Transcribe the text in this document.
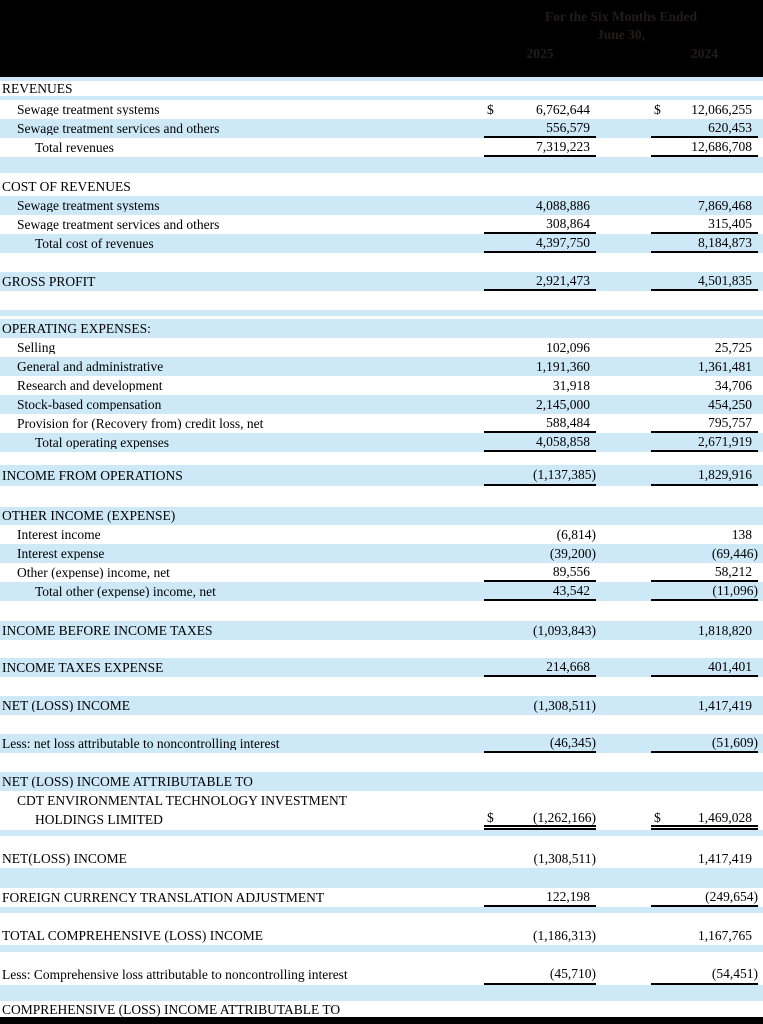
For the Six Months Ended
June 30,
2025	2024
REVENUES
Sewage treatment systems	$	6,762,644	$ 12,066,255
Sewage treatment services and others	556,579	620,453
Total revenues	7,319,223	12,686,708
COST OF REVENUES
Sewage treatment systems	4,088,886	7,869,468
Sewage treatment services and others	308,864	315,405
Total cost of revenues	4,397,750	8,184,873
GROSS PROFIT	2,921,473	4,501,835
OPERATING EXPENSES:
Selling	102,096	25,725
General and administrative	1,191,360	1,361,481
Research and development	31,918	34,706
Stock-based compensation	2,145,000	454,250
Provision for (Recovery from) credit loss, net	588,484	795,757
Total operating expenses	4,058,858	2,671,919
INCOME FROM OPERATIONS	(1,137,385)	1,829,916
OTHER INCOME (EXPENSE)
Interest income	(6,814)	138
Interest expense	(39,200)	(69,446)
Other (expense) income, net	89,556	58,212
Total other (expense) income, net	43,542	(11,096)
INCOME BEFORE INCOME TAXES	(1,093,843)	1,818,820
INCOME TAXES EXPENSE	214,668	401,401
NET (LOSS) INCOME	(1,308,511)	1,417,419
Less: net loss attributable to noncontrolling interest	(46,345)	(51,609)
NET (LOSS) INCOME ATTRIBUTABLE TO
CDT ENVIRONMENTAL TECHNOLOGY INVESTMENT
HOLDINGS LIMITED	$	(1,262,166)	$	1,469,028
NET(LOSS) INCOME	(1,308,511)	1,417,419
FOREIGN CURRENCY TRANSLATION ADJUSTMENT	122,198	(249,654)
TOTAL COMPREHENSIVE (LOSS) INCOME	(1,186,313)	1,167,765
Less: Comprehensive loss attributable to noncontrolling interest	(45,710)	(54,451)
COMPREHENSIVE (LOSS) INCOME ATTRIBUTABLE TO
